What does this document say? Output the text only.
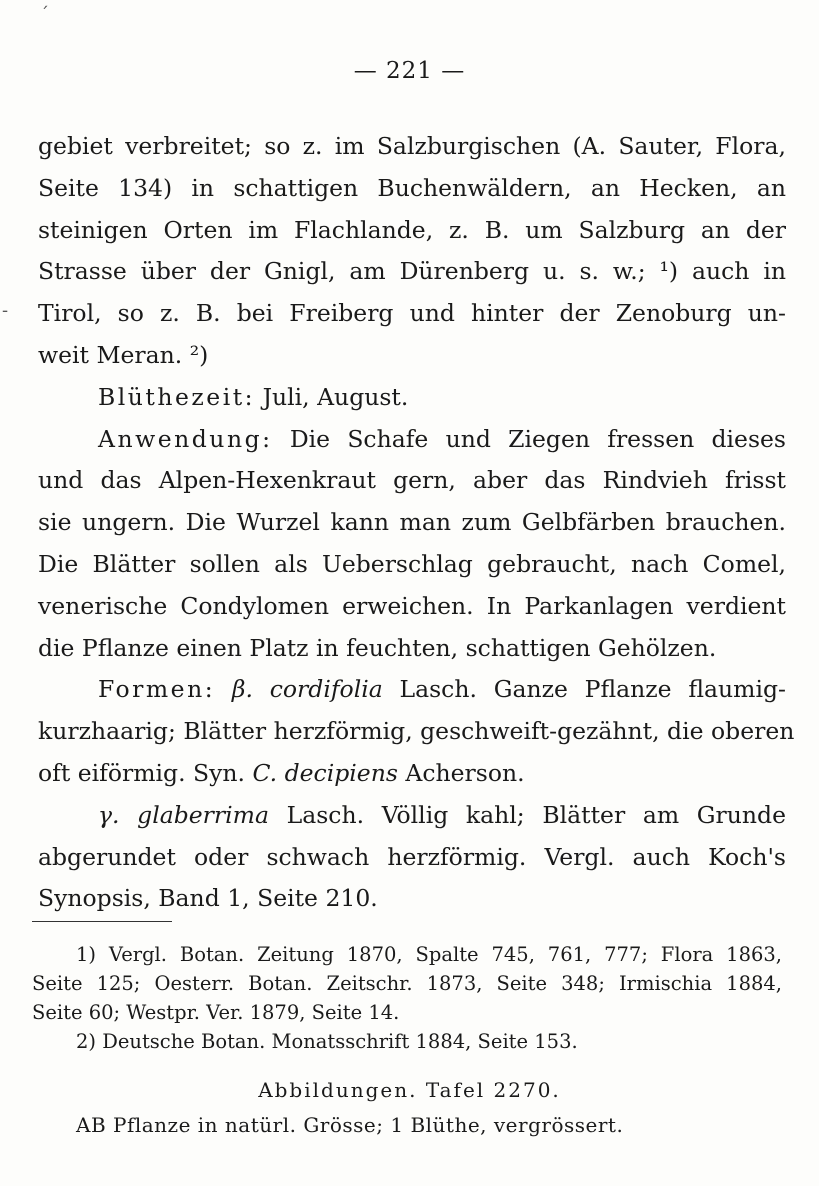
ˊ
-
— 221 —
gebiet verbreitet; so z. im Salzburgischen (A. Sauter, Flora,
Seite 134) in schattigen Buchenwäldern, an Hecken, an
steinigen Orten im Flachlande, z. B. um Salzburg an der
Strasse über der Gnigl, am Dürenberg u. s. w.; ¹) auch in
Tirol, so z. B. bei Freiberg und hinter der Zenoburg un-
weit Meran. ²)
Blüthezeit: Juli, August.
Anwendung: Die Schafe und Ziegen fressen dieses
und das Alpen-Hexenkraut gern, aber das Rindvieh frisst
sie ungern. Die Wurzel kann man zum Gelbfärben brauchen.
Die Blätter sollen als Ueberschlag gebraucht, nach Comel,
venerische Condylomen erweichen. In Parkanlagen verdient
die Pflanze einen Platz in feuchten, schattigen Gehölzen.
Formen: β. cordifolia Lasch. Ganze Pflanze flaumig-
kurzhaarig; Blätter herzförmig, geschweift-gezähnt, die oberen
oft eiförmig. Syn. C. decipiens Acherson.
γ. glaberrima Lasch. Völlig kahl; Blätter am Grunde
abgerundet oder schwach herzförmig. Vergl. auch Koch's
Synopsis, Band 1, Seite 210.
1) Vergl. Botan. Zeitung 1870, Spalte 745, 761, 777; Flora 1863,
Seite 125; Oesterr. Botan. Zeitschr. 1873, Seite 348; Irmischia 1884,
Seite 60; Westpr. Ver. 1879, Seite 14.
2) Deutsche Botan. Monatsschrift 1884, Seite 153.
Abbildungen. Tafel 2270.
AB Pflanze in natürl. Grösse; 1 Blüthe, vergrössert.
